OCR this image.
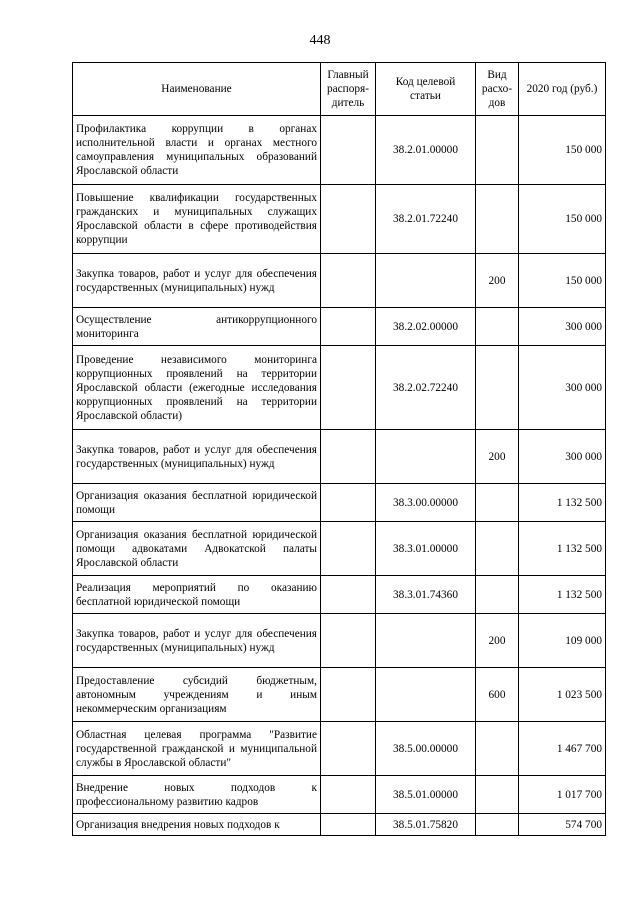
448
Наименование	Главный распоря-дитель	Код целевой статьи	Вид расхо-дов	2020 год (руб.)
Профилактика коррупции в органах исполнительной власти и органах местного самоуправления муниципальных образований Ярославской области		38.2.01.00000		150 000
Повышение квалификации государственных гражданских и муниципальных служащих Ярославской области в сфере противодействия коррупции		38.2.01.72240		150 000
Закупка товаров, работ и услуг для обеспечения государственных (муниципальных) нужд			200	150 000
Осуществление антикоррупционного мониторинга		38.2.02.00000		300 000
Проведение независимого мониторинга коррупционных проявлений на территории Ярославской области (ежегодные исследования коррупционных проявлений на территории Ярославской области)		38.2.02.72240		300 000
Закупка товаров, работ и услуг для обеспечения государственных (муниципальных) нужд			200	300 000
Организация оказания бесплатной юридической помощи		38.3.00.00000		1 132 500
Организация оказания бесплатной юридической помощи адвокатами Адвокатской палаты Ярославской области		38.3.01.00000		1 132 500
Реализация мероприятий по оказанию бесплатной юридической помощи		38.3.01.74360		1 132 500
Закупка товаров, работ и услуг для обеспечения государственных (муниципальных) нужд			200	109 000
Предоставление субсидий бюджетным, автономным учреждениям и иным некоммерческим организациям			600	1 023 500
Областная целевая программа "Развитие государственной гражданской и муниципальной службы в Ярославской области"		38.5.00.00000		1 467 700
Внедрение новых подходов к профессиональному развитию кадров		38.5.01.00000		1 017 700
Организация внедрения новых подходов к		38.5.01.75820		574 700
